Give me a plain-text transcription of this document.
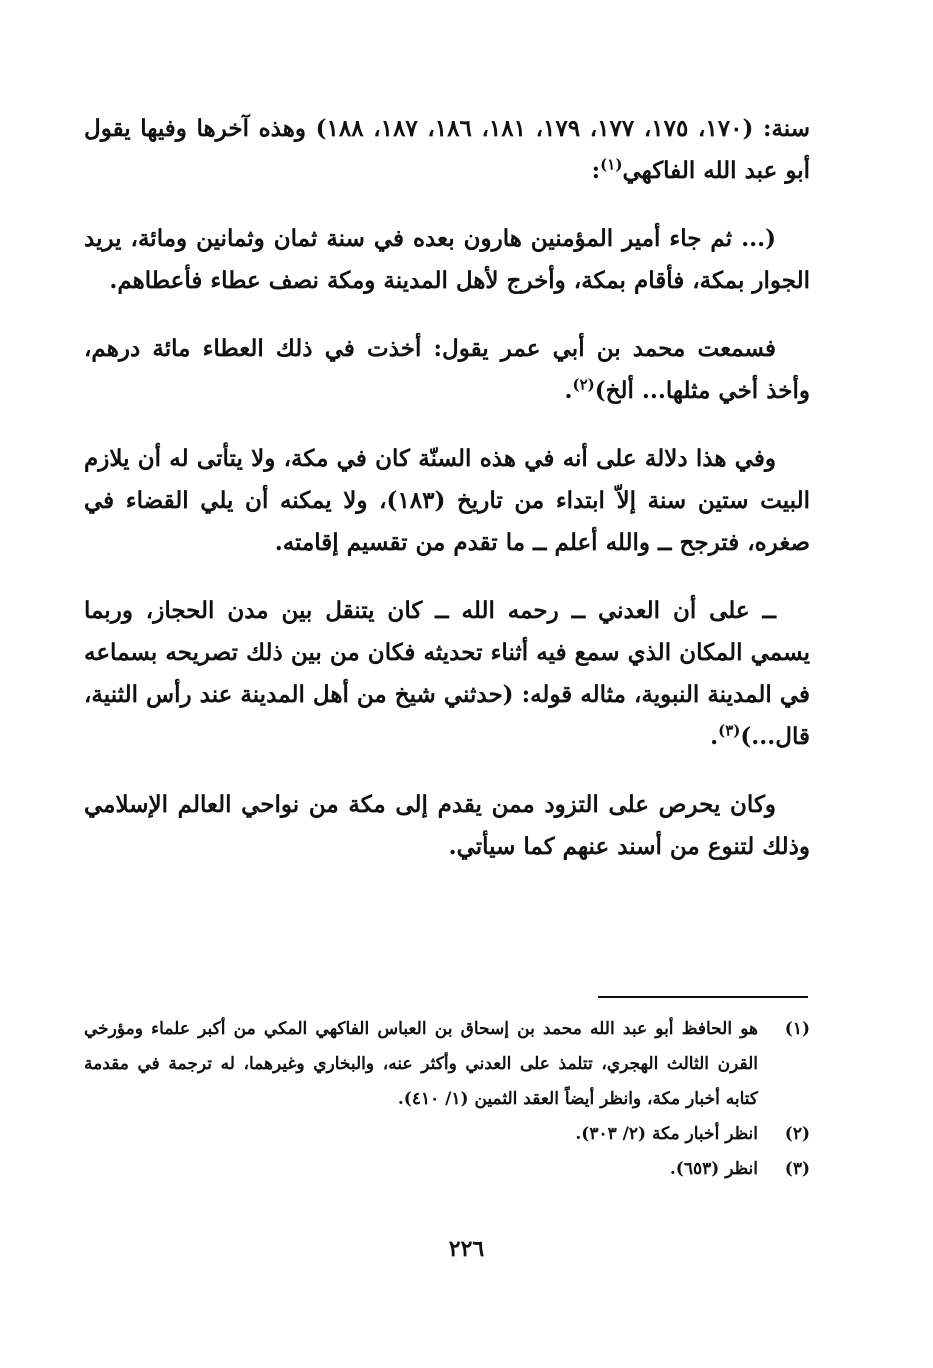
سنة: (١٧٠، ١٧٥، ١٧٧، ١٧٩، ١٨١، ١٨٦، ١٨٧، ١٨٨) وهذه آخرها وفيها يقول أبو عبد الله الفاكهي$^{(١)}$:

(... ثم جاء أمير المؤمنين هارون بعده في سنة ثمان وثمانين ومائة، يريد الجوار بمكة، فأقام بمكة، وأخرج لأهل المدينة ومكة نصف عطاء فأعطاهم.

فسمعت محمد بن أبي عمر يقول: أخذت في ذلك العطاء مائة درهم، وأخذ أخي مثلها... ألخ)$^{(٢)}$.

وفي هذا دلالة على أنه في هذه السنّة كان في مكة، ولا يتأتى له أن يلازم البيت ستين سنة إلاّ ابتداء من تاريخ (١٨٣)، ولا يمكنه أن يلي القضاء في صغره، فترجح ــ والله أعلم ــ ما تقدم من تقسيم إقامته.

ــ على أن العدني ــ رحمه الله ــ كان يتنقل بين مدن الحجاز، وربما يسمي المكان الذي سمع فيه أثناء تحديثه فكان من بين ذلك تصريحه بسماعه في المدينة النبوية، مثاله قوله: (حدثني شيخ من أهل المدينة عند رأس الثنية، قال...)$^{(٣)}$.

وكان يحرص على التزود ممن يقدم إلى مكة من نواحي العالم الإسلامي وذلك لتنوع من أسند عنهم كما سيأتي.

(١)
هو الحافظ أبو عبد الله محمد بن إسحاق بن العباس الفاكهي المكي من أكبر علماء ومؤرخي القرن الثالث الهجري، تتلمذ على العدني وأكثر عنه، والبخاري وغيرهما، له ترجمة في مقدمة كتابه أخبار مكة، وانظر أيضاً العقد الثمين (١/ ٤١٠).
(٢)
انظر أخبار مكة (٢/ ٣٠٣).
(٣)
انظر (٦٥٣).
٢٢٦
